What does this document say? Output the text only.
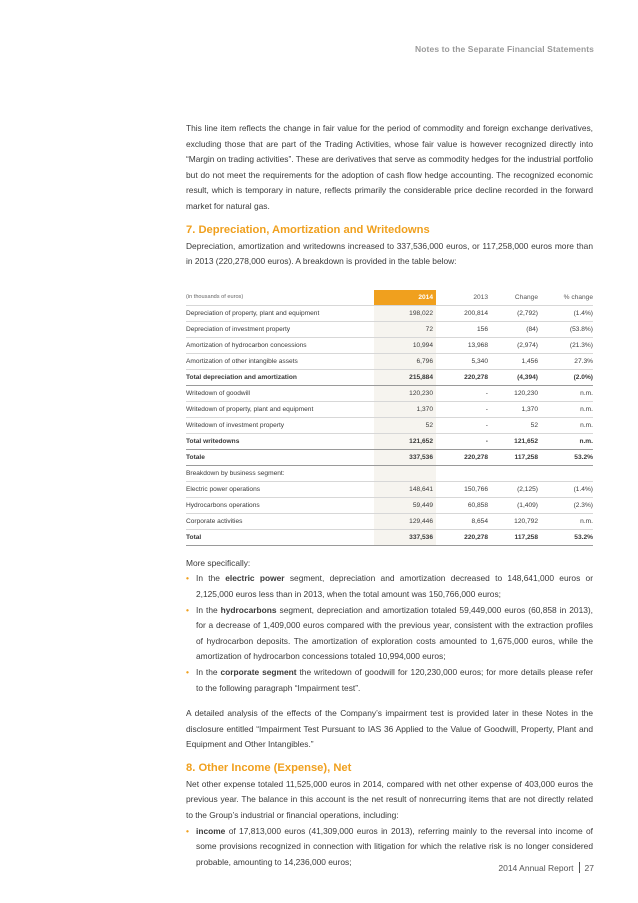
Notes to the Separate Financial Statements

This line item reflects the change in fair value for the period of commodity and foreign exchange derivatives, excluding those that are part of the Trading Activities, whose fair value is however recognized directly into “Margin on trading activities”. These are derivatives that serve as commodity hedges for the industrial portfolio but do not meet the requirements for the adoption of cash flow hedge accounting. The recognized economic result, which is temporary in nature, reflects primarily the considerable price decline recorded in the forward market for natural gas.

7. Depreciation, Amortization and Writedowns

Depreciation, amortization and writedowns increased to 337,536,000 euros, or 117,258,000 euros more than in 2013 (220,278,000 euros). A breakdown is provided in the table below:

(in thousands of euros)	2014	2013	Change	% change
Depreciation of property, plant and equipment	198,022	200,814	(2,792)	(1.4%)
Depreciation of investment property	72	156	(84)	(53.8%)
Amortization of hydrocarbon concessions	10,994	13,968	(2,974)	(21.3%)
Amortization of other intangible assets	6,796	5,340	1,456	27.3%
Total depreciation and amortization	215,884	220,278	(4,394)	(2.0%)
Writedown of goodwill	120,230	-	120,230	n.m.
Writedown of property, plant and equipment	1,370	-	1,370	n.m.
Writedown of investment property	52	-	52	n.m.
Total writedowns	121,652	-	121,652	n.m.
Totale	337,536	220,278	117,258	53.2%
Breakdown by business segment:				
Electric power operations	148,641	150,766	(2,125)	(1.4%)
Hydrocarbons operations	59,449	60,858	(1,409)	(2.3%)
Corporate activities	129,446	8,654	120,792	n.m.
Total	337,536	220,278	117,258	53.2%

More specifically:

• In the electric power segment, depreciation and amortization decreased to 148,641,000 euros or 2,125,000 euros less than in 2013, when the total amount was 150,766,000 euros;
• In the hydrocarbons segment, depreciation and amortization totaled 59,449,000 euros (60,858 in 2013), for a decrease of 1,409,000 euros compared with the previous year, consistent with the extraction profiles of hydrocarbon deposits. The amortization of exploration costs amounted to 1,675,000 euros, while the amortization of hydrocarbon concessions totaled 10,994,000 euros;
• In the corporate segment the writedown of goodwill for 120,230,000 euros; for more details please refer to the following paragraph “Impairment test”.

A detailed analysis of the effects of the Company’s impairment test is provided later in these Notes in the disclosure entitled “Impairment Test Pursuant to IAS 36 Applied to the Value of Goodwill, Property, Plant and Equipment and Other Intangibles.”

8. Other Income (Expense), Net

Net other expense totaled 11,525,000 euros in 2014, compared with net other expense of 403,000 euros the previous year. The balance in this account is the net result of nonrecurring items that are not directly related to the Group’s industrial or financial operations, including:

• income of 17,813,000 euros (41,309,000 euros in 2013), referring mainly to the reversal into income of some provisions recognized in connection with litigation for which the relative risk is no longer considered probable, amounting to 14,236,000 euros;
2014 Annual Report 27
